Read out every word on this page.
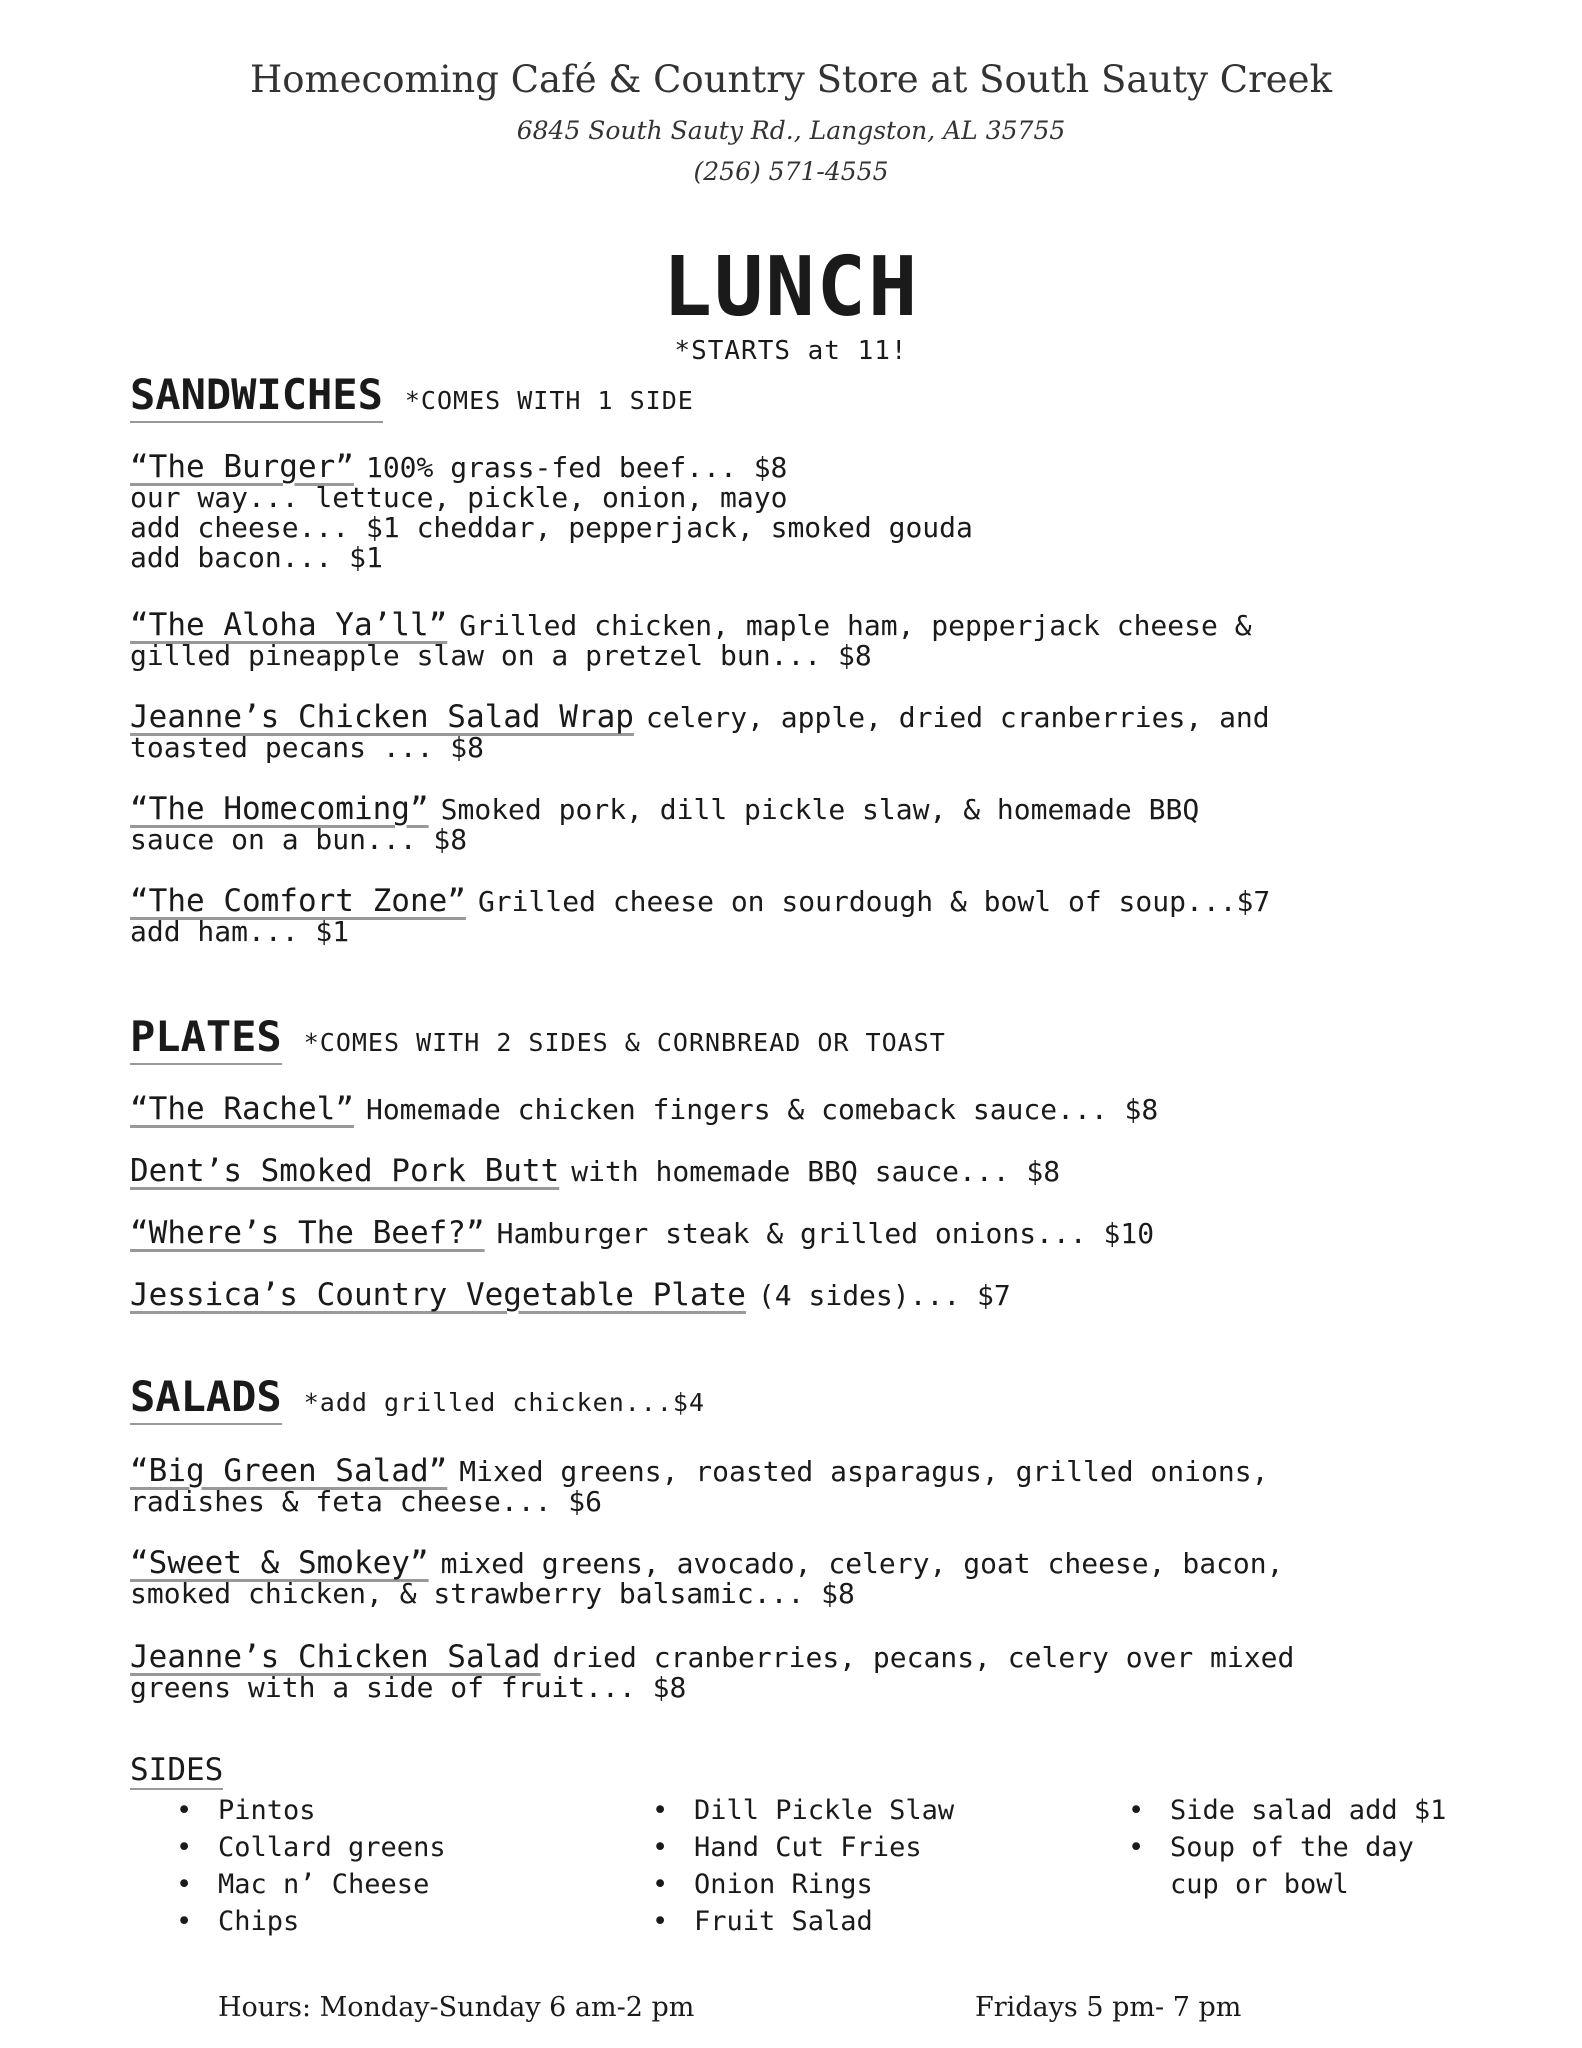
Homecoming Café & Country Store at South Sauty Creek
6845 South Sauty Rd., Langston, AL 35755
(256) 571-4555
LUNCH
*STARTS at 11!
SANDWICHES *COMES WITH 1 SIDE
“The Burger” 100% grass-fed beef... $8
our way... lettuce, pickle, onion, mayo
add cheese... $1 cheddar, pepperjack, smoked gouda
add bacon... $1
“The Aloha Ya’ll” Grilled chicken, maple ham, pepperjack cheese &
gilled pineapple slaw on a pretzel bun... $8
Jeanne’s Chicken Salad Wrap celery, apple, dried cranberries, and
toasted pecans ... $8
“The Homecoming” Smoked pork, dill pickle slaw, & homemade BBQ
sauce on a bun... $8
“The Comfort Zone” Grilled cheese on sourdough & bowl of soup...$7
add ham... $1
PLATES *COMES WITH 2 SIDES & CORNBREAD OR TOAST
“The Rachel” Homemade chicken fingers & comeback sauce... $8
Dent’s Smoked Pork Butt with homemade BBQ sauce... $8
“Where’s The Beef?” Hamburger steak & grilled onions... $10
Jessica’s Country Vegetable Plate (4 sides)... $7
SALADS *add grilled chicken...$4
“Big Green Salad” Mixed greens, roasted asparagus, grilled onions,
radishes & feta cheese... $6
“Sweet & Smokey” mixed greens, avocado, celery, goat cheese, bacon,
smoked chicken, & strawberry balsamic... $8
Jeanne’s Chicken Salad dried cranberries, pecans, celery over mixed
greens with a side of fruit... $8
SIDES
• Pintos
• Collard greens
• Mac n’ Cheese
• Chips
• Dill Pickle Slaw
• Hand Cut Fries
• Onion Rings
• Fruit Salad
• Side salad add $1
• Soup of the day
cup or bowl
Hours: Monday-Sunday 6 am-2 pm	Fridays 5 pm- 7 pm
